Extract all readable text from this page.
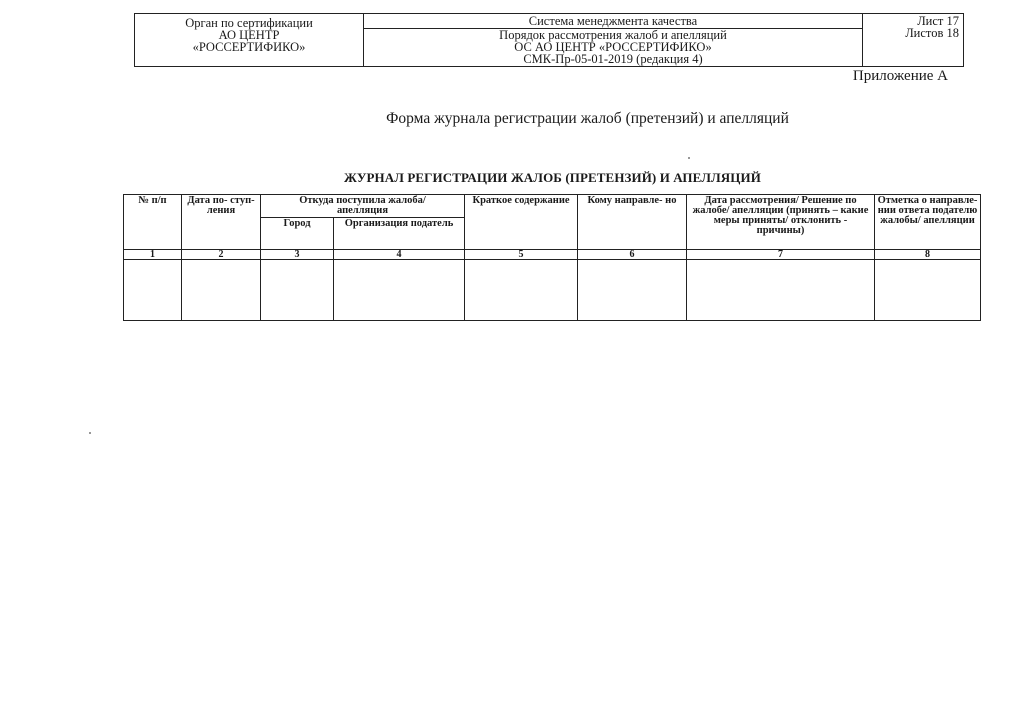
Орган по сертификации
АО ЦЕНТР
«РОССЕРТИФИКО»

Система менеджмента качества
Порядок рассмотрения жалоб и апелляций
ОС АО ЦЕНТР «РОССЕРТИФИКО»
СМК-Пр-05-01-2019 (редакция 4)

Лист 17
Листов 18
Приложение А
Форма журнала регистрации жалоб (претензий) и апелляций
ЖУРНАЛ РЕГИСТРАЦИИ ЖАЛОБ (ПРЕТЕНЗИЙ) И АПЕЛЛЯЦИЙ
№ п/п	Дата по- ступ- ления	Откуда поступила жалоба/апелляция		Краткое содержание	Кому направле- но	Дата рассмотрения/ Решение по жалобе/ апелляции (принять – какие меры приняты/ отклонить - причины)	Отметка о направле- нии ответа подателю жалобы/ апелляции
		Город	Организация податель				
1	2	3	4	5	6	7	8
